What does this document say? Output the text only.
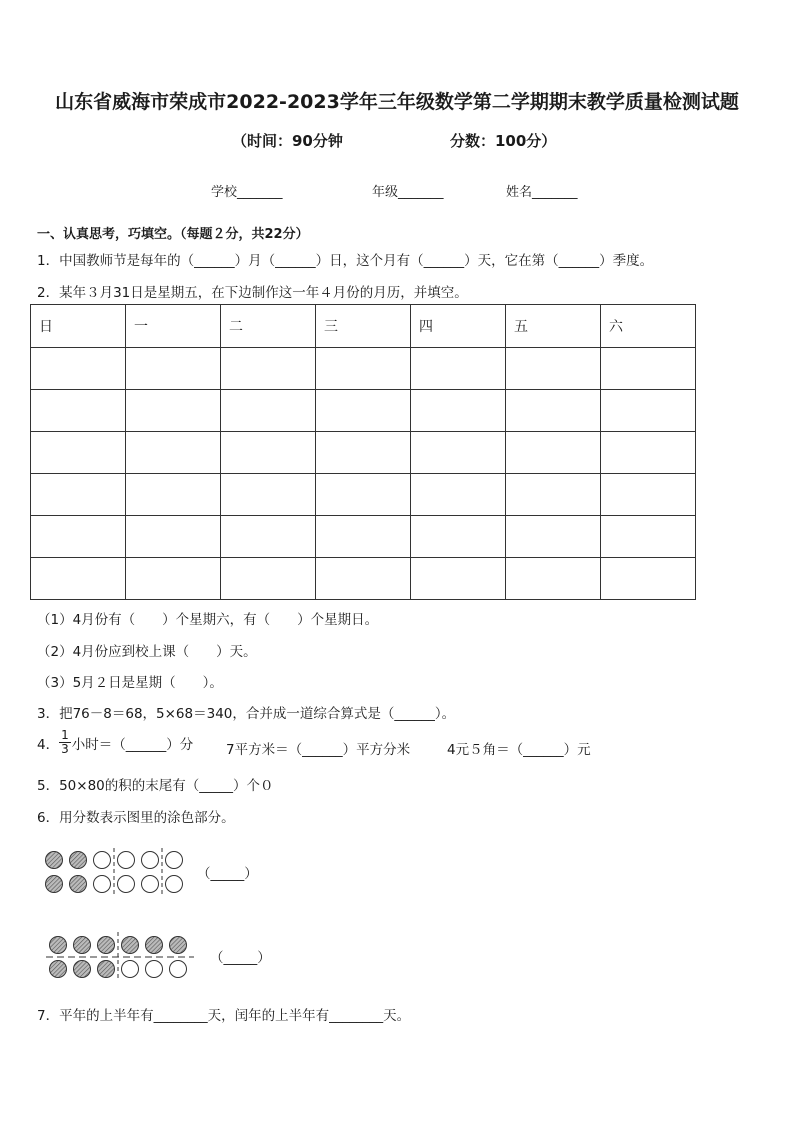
山东省威海市荣成市2022-2023学年三年级数学第二学期期末教学质量检测试题
（时间：90分钟	分数：100分）
学校_______	年级_______	姓名_______
一、认真思考，巧填空。（每题２分，共22分）
1．中国教师节是每年的（______）月（______）日，这个月有（______）天，它在第（______）季度。
2．某年３月31日是星期五，在下边制作这一年４月份的月历，并填空。
日	一	二	三	四	五	六

（1）4月份有（　　）个星期六，有（　　）个星期日。
（2）4月份应到校上课（　　）天。
（3）5月２日是星期（　　）。
3．把76－8＝68，5×68＝340，合并成一道综合算式是（______）。
4． $\frac{1}{3}$ 小时＝（______）分 7平方米＝（______）平方分米	4元５角＝（______）元
5．50×80的积的末尾有（_____）个０
6．用分数表示图里的涂色部分。
（_____）
（_____）
7．平年的上半年有________天，闰年的上半年有________天。
